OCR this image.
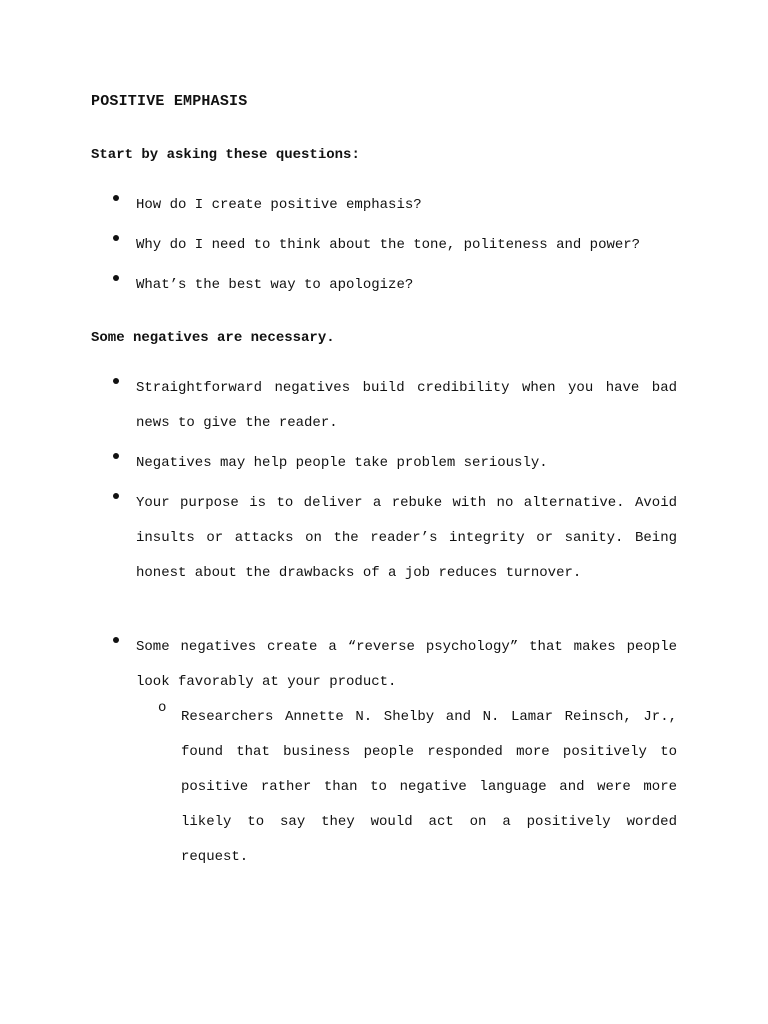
POSITIVE EMPHASIS
Start by asking these questions:
How do I create positive emphasis?
Why do I need to think about the tone, politeness and power?
What’s the best way to apologize?
Some negatives are necessary.
Straightforward negatives build credibility when you have bad news to give the reader.
Negatives may help people take problem seriously.
Your purpose is to deliver a rebuke with no alternative. Avoid insults or attacks on the reader’s integrity or sanity. Being honest about the drawbacks of a job reduces turnover.
Some negatives create a “reverse psychology” that makes people look favorably at your product.
o
Researchers Annette N. Shelby and N. Lamar Reinsch, Jr., found that business people responded more positively to positive rather than to negative language and were more likely to say they would act on a positively worded request.
